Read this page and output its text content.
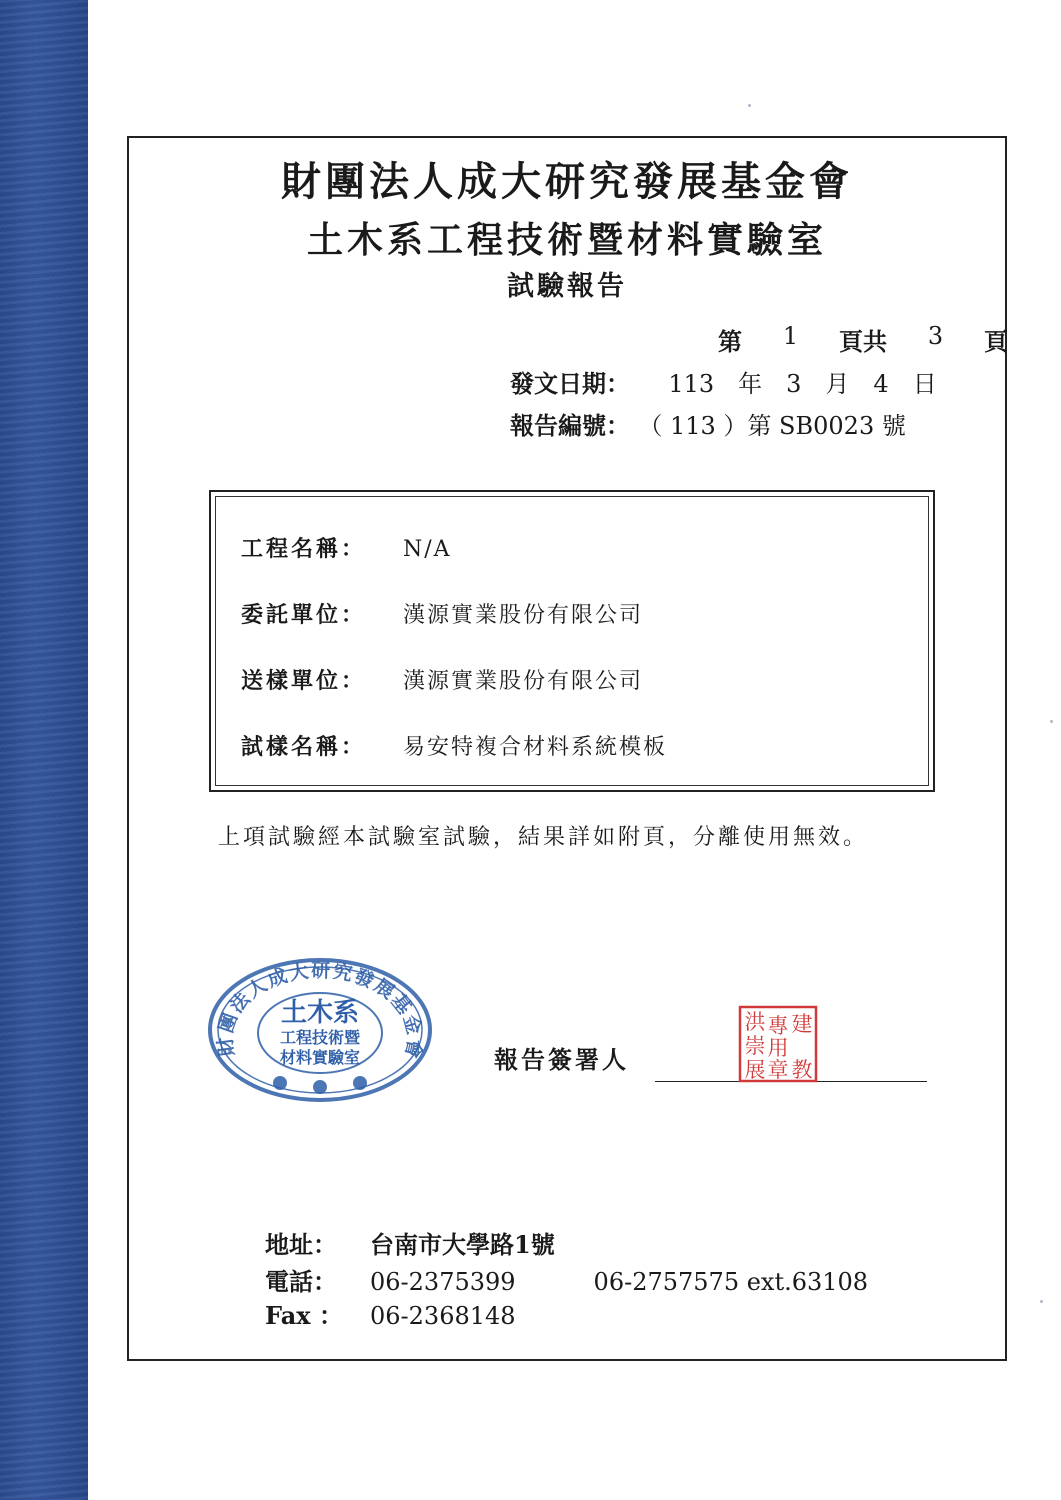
財團法人成大研究發展基金會
土木系工程技術暨材料實驗室
試驗報告
第 1 頁共 3 頁
發文日期： 113　年　3　月　4　日
報告編號： （ 113 ）第 SB0023 號
工程名稱： N/A
委託單位： 漢源實業股份有限公司
送樣單位： 漢源實業股份有限公司
試樣名稱： 易安特複合材料系統模板
上項試驗經本試驗室試驗，結果詳如附頁，分離使用無效。
財團法人成大研究發展基金會
土木系
工程技術暨
材料實驗室	報告簽署人
洪
崇
展
專
用
章
建
教
地址： 台南市大學路1號
電話： 06-2375399	06-2757575 ext.63108
Fax ： 06-2368148
